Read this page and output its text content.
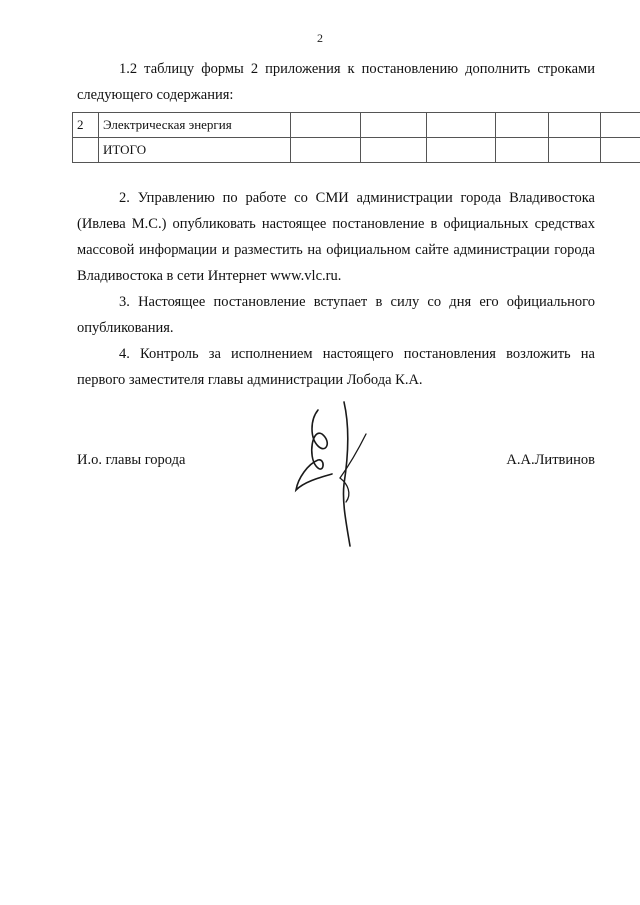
2

1.2 таблицу формы 2 приложения к постановлению дополнить строками следующего содержания:

2	Электрическая энергия						
	ИТОГО						

2. Управлению по работе со СМИ администрации города Владивостока (Ивлева М.С.) опубликовать настоящее постановление в официальных средствах массовой информации и разместить на официальном сайте администрации города Владивостока в сети Интернет www.vlc.ru.

3. Настоящее постановление вступает в силу со дня его официального опубликования.

4. Контроль за исполнением настоящего постановления возложить на первого заместителя главы администрации Лобода К.А.

И.о. главы города	А.А.Литвинов
